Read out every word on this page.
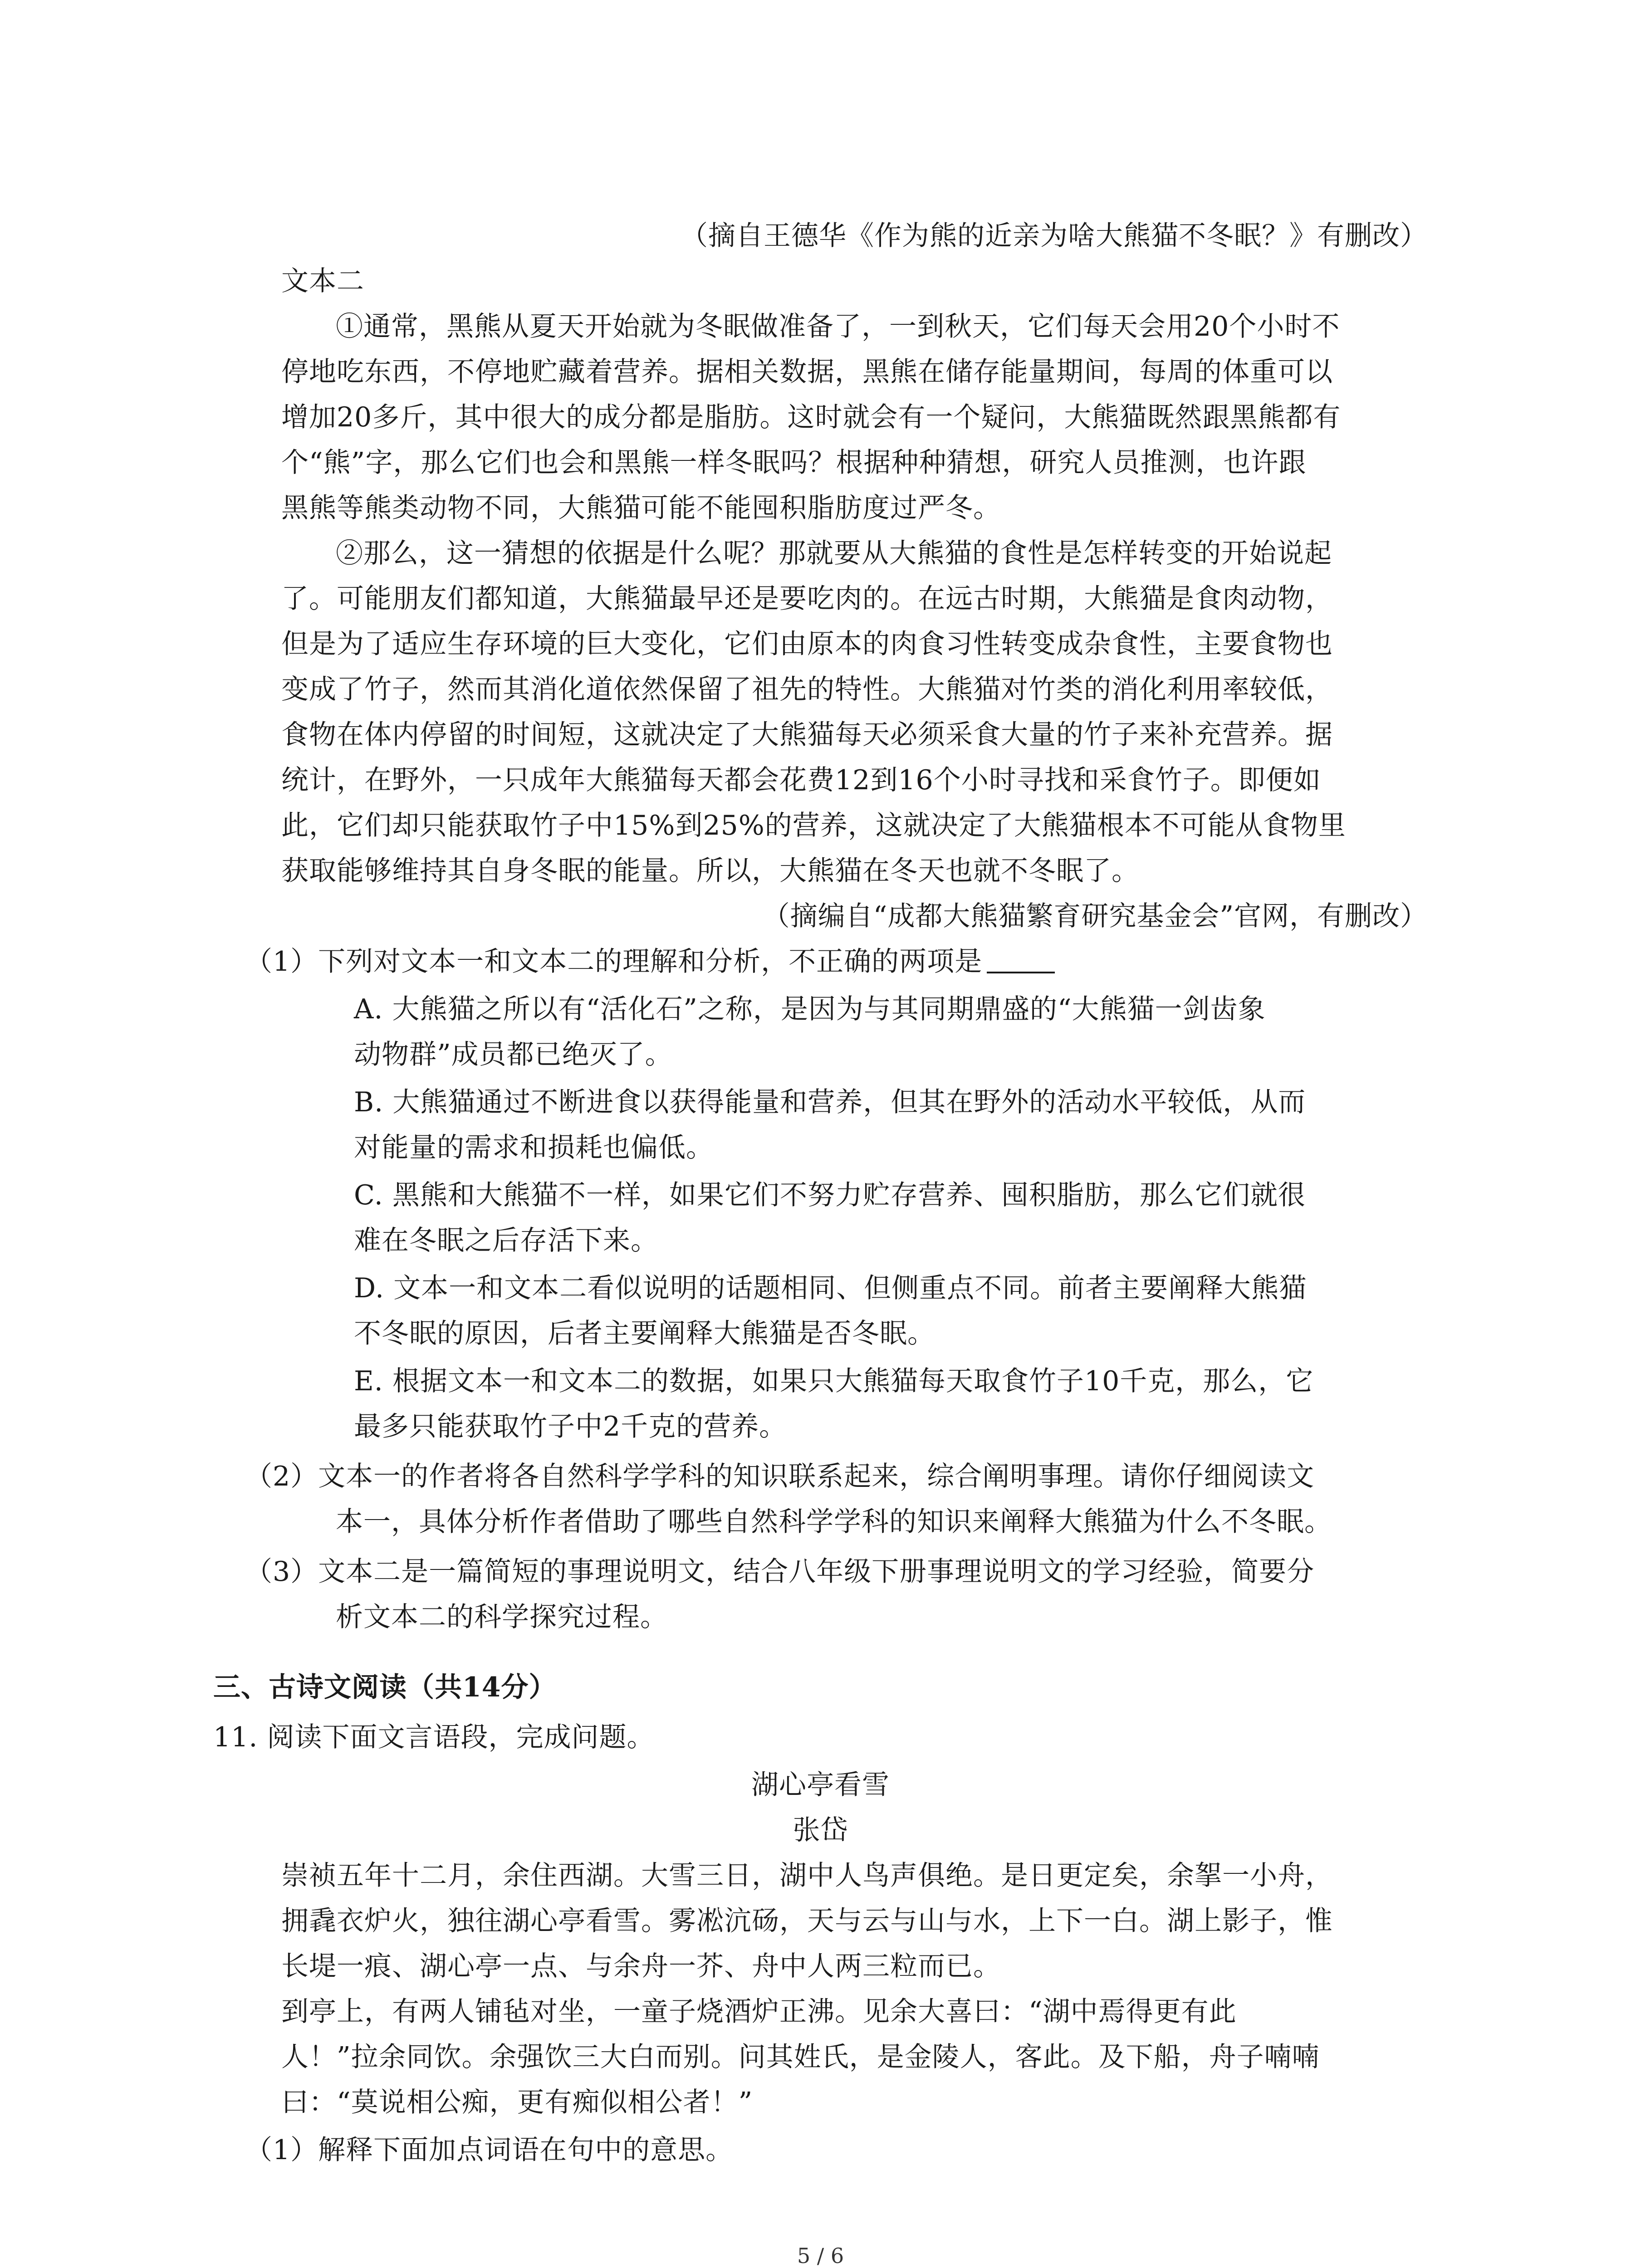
（摘自王德华《作为熊的近亲为啥大熊猫不冬眠？》有删改）
文本二
①通常，黑熊从夏天开始就为冬眠做准备了，一到秋天，它们每天会用20个小时不
停地吃东西，不停地贮藏着营养。据相关数据，黑熊在储存能量期间，每周的体重可以
增加20多斤，其中很大的成分都是脂肪。这时就会有一个疑问，大熊猫既然跟黑熊都有
个“熊”字，那么它们也会和黑熊一样冬眠吗？根据种种猜想，研究人员推测，也许跟
黑熊等熊类动物不同，大熊猫可能不能囤积脂肪度过严冬。
②那么，这一猜想的依据是什么呢？那就要从大熊猫的食性是怎样转变的开始说起
了。可能朋友们都知道，大熊猫最早还是要吃肉的。在远古时期，大熊猫是食肉动物，
但是为了适应生存环境的巨大变化，它们由原本的肉食习性转变成杂食性，主要食物也
变成了竹子，然而其消化道依然保留了祖先的特性。大熊猫对竹类的消化利用率较低，
食物在体内停留的时间短，这就决定了大熊猫每天必须采食大量的竹子来补充营养。据
统计，在野外，一只成年大熊猫每天都会花费12到16个小时寻找和采食竹子。即便如
此，它们却只能获取竹子中15%到25%的营养，这就决定了大熊猫根本不可能从食物里
获取能够维持其自身冬眠的能量。所以，大熊猫在冬天也就不冬眠了。
（摘编自“成都大熊猫繁育研究基金会”官网，有删改）
（1）下列对文本一和文本二的理解和分析，不正确的两项是
A. 大熊猫之所以有“活化石”之称，是因为与其同期鼎盛的“大熊猫一剑齿象
动物群”成员都已绝灭了。
B. 大熊猫通过不断进食以获得能量和营养，但其在野外的活动水平较低，从而
对能量的需求和损耗也偏低。
C. 黑熊和大熊猫不一样，如果它们不努力贮存营养、囤积脂肪，那么它们就很
难在冬眠之后存活下来。
D. 文本一和文本二看似说明的话题相同、但侧重点不同。前者主要阐释大熊猫
不冬眠的原因，后者主要阐释大熊猫是否冬眠。
E. 根据文本一和文本二的数据，如果只大熊猫每天取食竹子10千克，那么，它
最多只能获取竹子中2千克的营养。
（2）文本一的作者将各自然科学学科的知识联系起来，综合阐明事理。请你仔细阅读文
本一，具体分析作者借助了哪些自然科学学科的知识来阐释大熊猫为什么不冬眠。
（3）文本二是一篇简短的事理说明文，结合八年级下册事理说明文的学习经验，简要分
析文本二的科学探究过程。
三、古诗文阅读（共14分）
11. 阅读下面文言语段，完成问题。
湖心亭看雪
张岱
崇祯五年十二月，余住西湖。大雪三日，湖中人鸟声俱绝。是日更定矣，余挐一小舟，
拥毳衣炉火，独往湖心亭看雪。雾凇沆砀，天与云与山与水，上下一白。湖上影子，惟
长堤一痕、湖心亭一点、与余舟一芥、舟中人两三粒而已。
到亭上，有两人铺毡对坐，一童子烧酒炉正沸。见余大喜曰：“湖中焉得更有此
人！”拉余同饮。余强饮三大白而别。问其姓氏，是金陵人，客此。及下船，舟子喃喃
曰：“莫说相公痴，更有痴似相公者！”
（1）解释下面加点词语在句中的意思。
5 / 6
